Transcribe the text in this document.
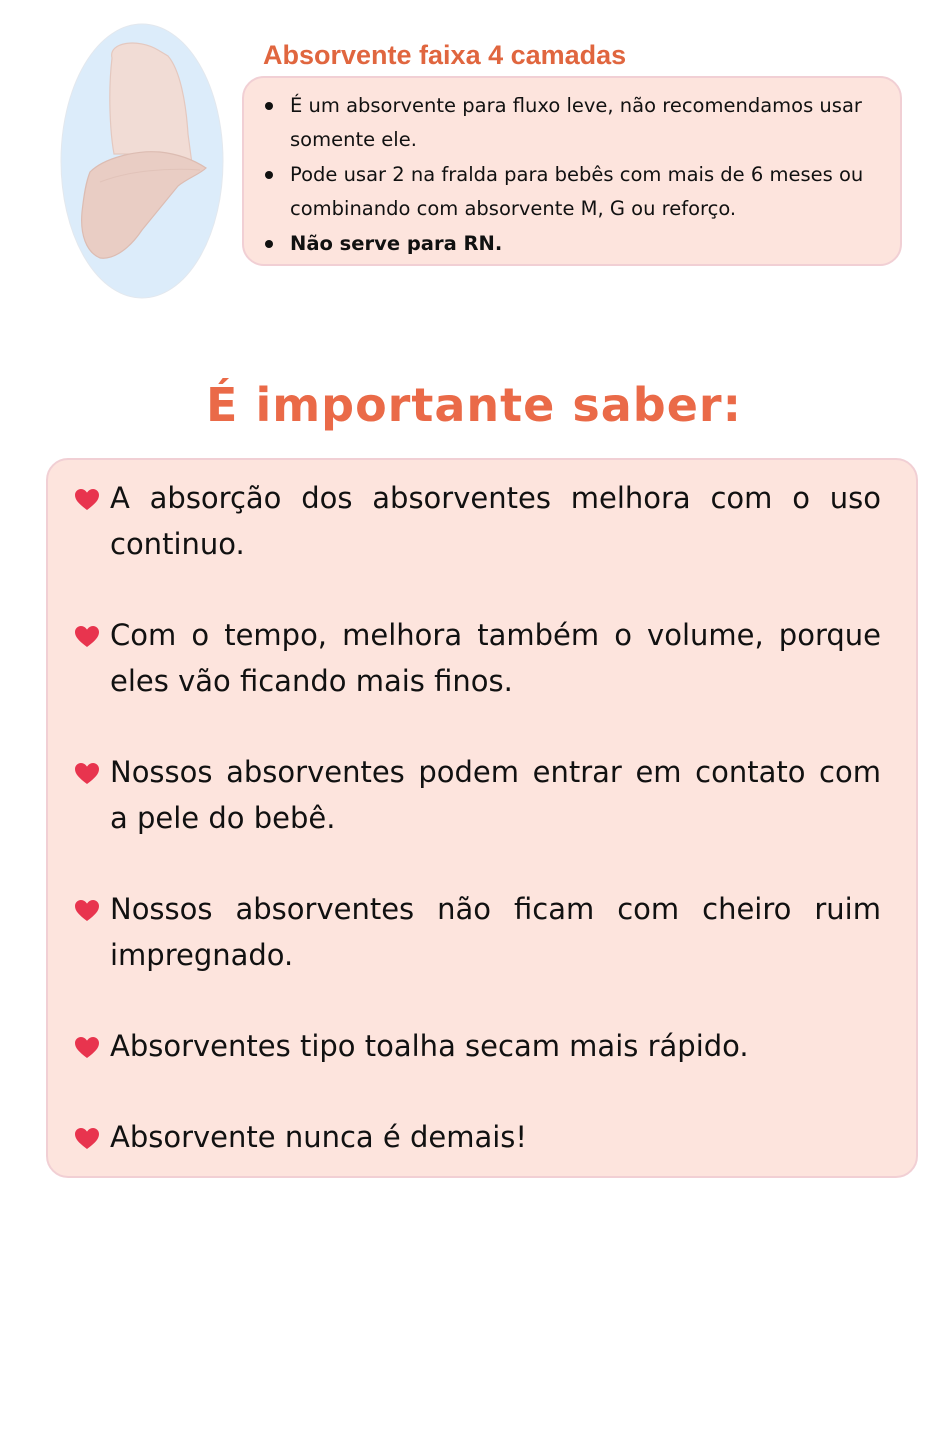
Absorvente faixa 4 camadas
É um absorvente para fluxo leve, não recomendamos usar somente ele.
Pode usar 2 na fralda para bebês com mais de 6 meses ou combinando com absorvente M, G ou reforço.
Não serve para RN.
É importante saber:
A absorção dos absorventes melhora com o uso continuo.
Com o tempo, melhora também o volume, porque eles vão ficando mais finos.
Nossos absorventes podem entrar em contato com a pele do bebê.
Nossos absorventes não ficam com cheiro ruim impregnado.
Absorventes tipo toalha secam mais rápido.
Absorvente nunca é demais!
